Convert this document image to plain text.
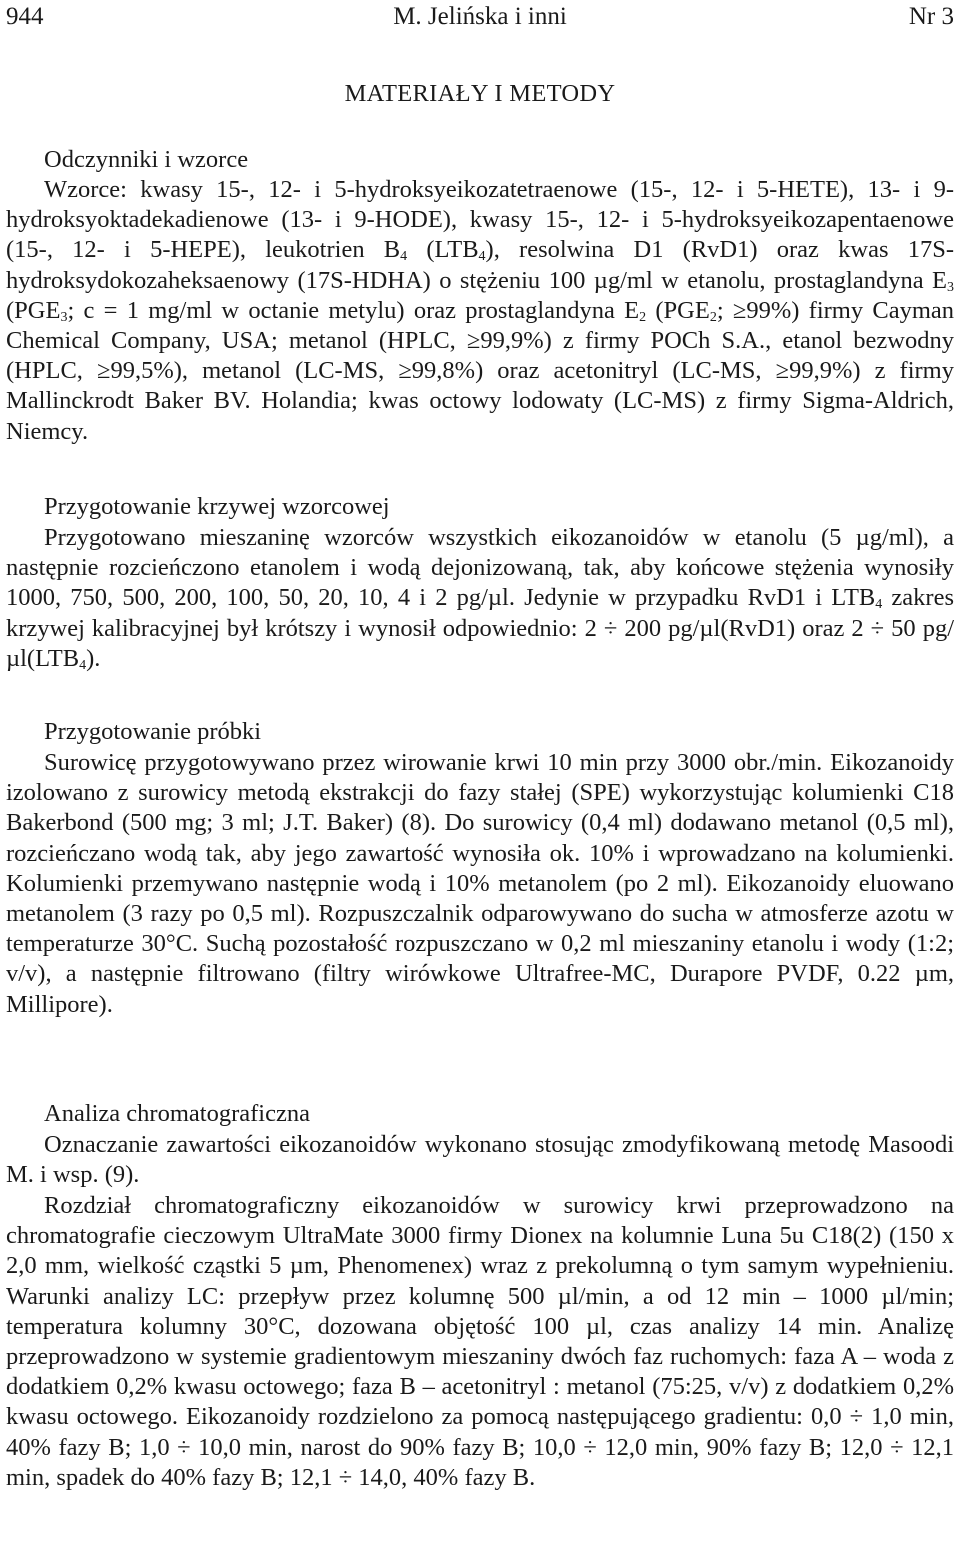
944	M. Jelińska i inni	Nr 3
MATERIAŁY I METODY
Odczynniki i wzorce
Wzorce: kwasy 15-, 12- i 5-hydroksyeikozatetraenowe (15-, 12- i 5-HETE), 13- i 9-hydroksyoktadekadienowe (13- i 9-HODE), kwasy 15-, 12- i 5-hydroksyeikozapentaenowe (15-, 12- i 5-HEPE), leukotrien B4 (LTB4), resolwina D1 (RvD1) oraz kwas 17S-hydroksydokozaheksaenowy (17S-HDHA) o stężeniu 100 µg/ml w etanolu, prostaglandyna E3 (PGE3; c = 1 mg/ml w octanie metylu) oraz prostaglandyna E2 (PGE2; ≥99%) firmy Cayman Chemical Company, USA; metanol (HPLC, ≥99,9%) z firmy POCh S.A., etanol bezwodny (HPLC, ≥99,5%), metanol (LC-MS, ≥99,8%) oraz acetonitryl (LC-MS, ≥99,9%) z firmy Mallinckrodt Baker BV. Holandia; kwas octowy lodowaty (LC-MS) z firmy Sigma-Aldrich, Niemcy.
Przygotowanie krzywej wzorcowej
Przygotowano mieszaninę wzorców wszystkich eikozanoidów w etanolu (5 µg/ml), a następnie rozcieńczono etanolem i wodą dejonizowaną, tak, aby końcowe stężenia wynosiły 1000, 750, 500, 200, 100, 50, 20, 10, 4 i 2 pg/µl. Jedynie w przypadku RvD1 i LTB4 zakres krzywej kalibracyjnej był krótszy i wynosił odpowiednio: 2 ÷ 200 pg/µl(RvD1) oraz 2 ÷ 50 pg/µl(LTB4).
Przygotowanie próbki
Surowicę przygotowywano przez wirowanie krwi 10 min przy 3000 obr./min. Eikozanoidy izolowano z surowicy metodą ekstrakcji do fazy stałej (SPE) wykorzystując kolumienki C18 Bakerbond (500 mg; 3 ml; J.T. Baker) (8). Do surowicy (0,4 ml) dodawano metanol (0,5 ml), rozcieńczano wodą tak, aby jego zawartość wynosiła ok. 10% i wprowadzano na kolumienki. Kolumienki przemywano następnie wodą i 10% metanolem (po 2 ml). Eikozanoidy eluowano metanolem (3 razy po 0,5 ml). Rozpuszczalnik odparowywano do sucha w atmosferze azotu w temperaturze 30°C. Suchą pozostałość rozpuszczano w 0,2 ml mieszaniny etanolu i wody (1:2; v/v), a następnie filtrowano (filtry wirówkowe Ultrafree-MC, Durapore PVDF, 0.22 µm, Millipore).
Analiza chromatograficzna
Oznaczanie zawartości eikozanoidów wykonano stosując zmodyfikowaną metodę Masoodi M. i wsp. (9).
Rozdział chromatograficzny eikozanoidów w surowicy krwi przeprowadzono na chromatografie cieczowym UltraMate 3000 firmy Dionex na kolumnie Luna 5u C18(2) (150 x 2,0 mm, wielkość cząstki 5 µm, Phenomenex) wraz z prekolumną o tym samym wypełnieniu. Warunki analizy LC: przepływ przez kolumnę 500 µl/min, a od 12 min – 1000 µl/min; temperatura kolumny 30°C, dozowana objętość 100 µl, czas analizy 14 min. Analizę przeprowadzono w systemie gradientowym mieszaniny dwóch faz ruchomych: faza A – woda z dodatkiem 0,2% kwasu octowego; faza B – acetonitryl : metanol (75:25, v/v) z dodatkiem 0,2% kwasu octowego. Eikozanoidy rozdzielono za pomocą następującego gradientu: 0,0 ÷ 1,0 min, 40% fazy B; 1,0 ÷ 10,0 min, narost do 90% fazy B; 10,0 ÷ 12,0 min, 90% fazy B; 12,0 ÷ 12,1 min, spadek do 40% fazy B; 12,1 ÷ 14,0, 40% fazy B.
